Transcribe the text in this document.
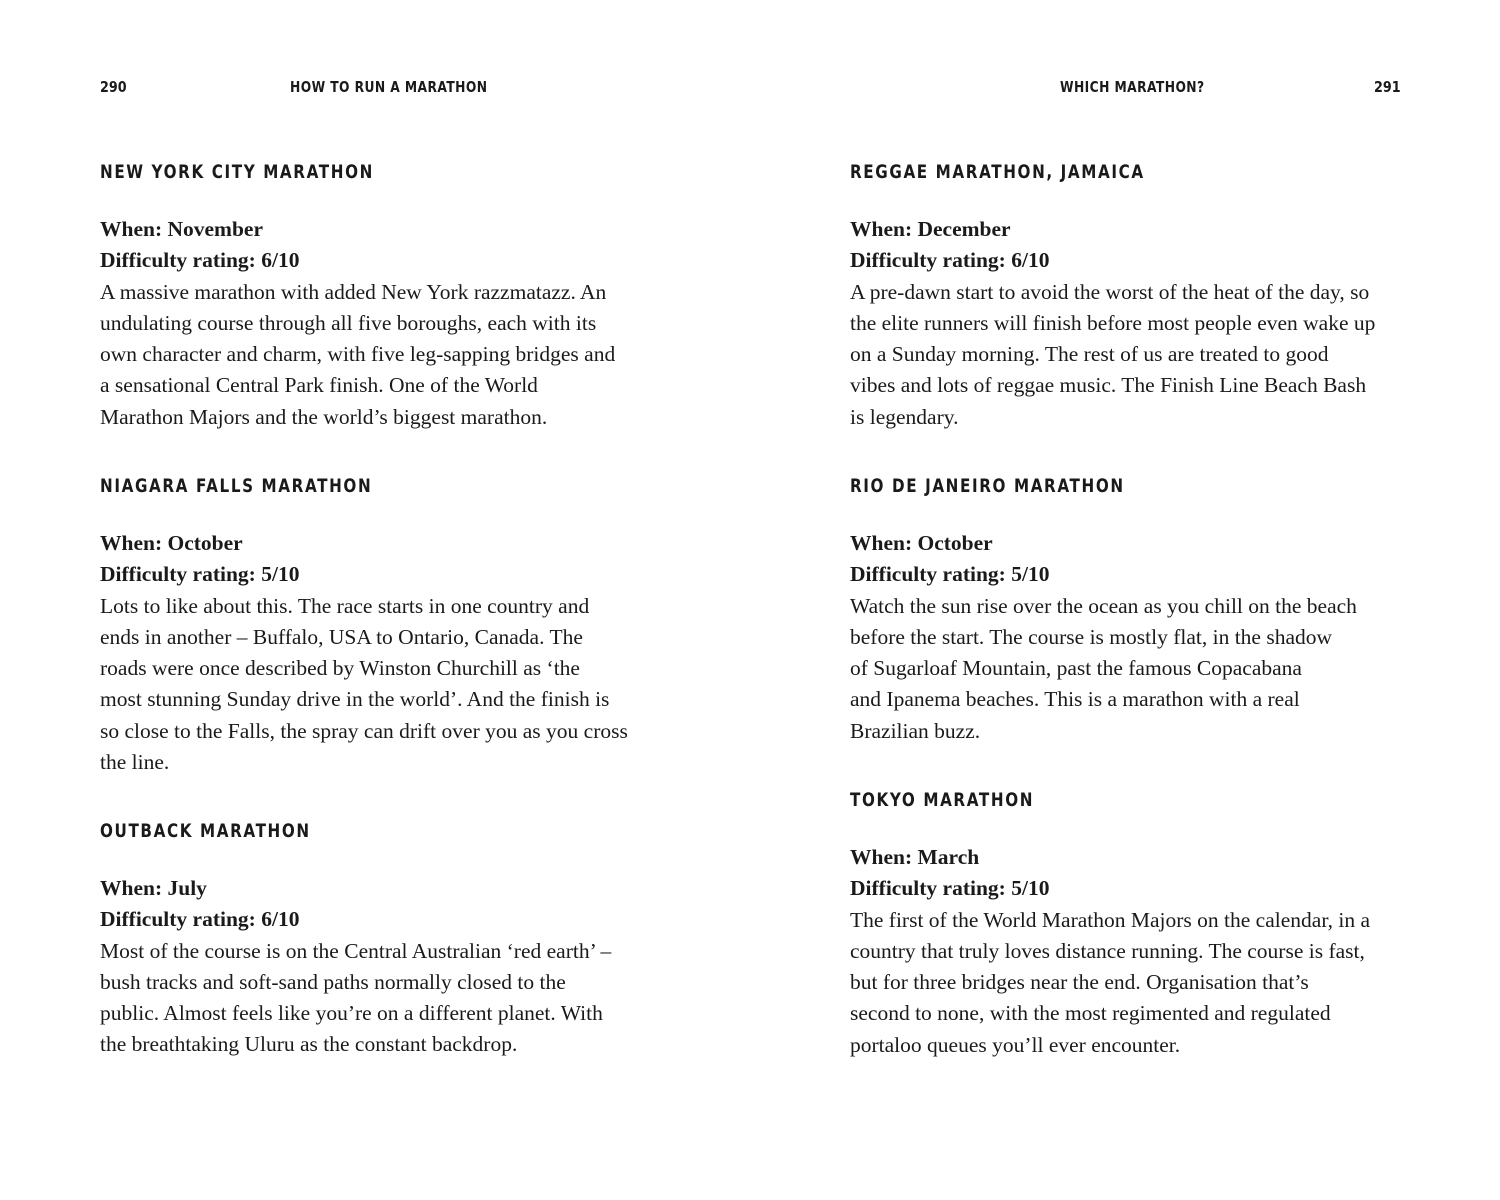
290	HOW TO RUN A MARATHON
NEW YORK CITY MARATHON

When: November

Difficulty rating: 6/10

A massive marathon with added New York razzmatazz. An
undulating course through all five boroughs, each with its
own character and charm, with five leg-sapping bridges and
a sensational Central Park finish. One of the World
Marathon Majors and the world’s biggest marathon.

NIAGARA FALLS MARATHON

When: October

Difficulty rating: 5/10

Lots to like about this. The race starts in one country and
ends in another – Buffalo, USA to Ontario, Canada. The
roads were once described by Winston Churchill as ‘the
most stunning Sunday drive in the world’. And the finish is
so close to the Falls, the spray can drift over you as you cross
the line.

OUTBACK MARATHON

When: July

Difficulty rating: 6/10

Most of the course is on the Central Australian ‘red earth’ –
bush tracks and soft-sand paths normally closed to the
public. Almost feels like you’re on a different planet. With
the breathtaking Uluru as the constant backdrop.

WHICH MARATHON?	291
REGGAE MARATHON, JAMAICA

When: December

Difficulty rating: 6/10

A pre-dawn start to avoid the worst of the heat of the day, so
the elite runners will finish before most people even wake up
on a Sunday morning. The rest of us are treated to good
vibes and lots of reggae music. The Finish Line Beach Bash
is legendary.

RIO DE JANEIRO MARATHON

When: October

Difficulty rating: 5/10

Watch the sun rise over the ocean as you chill on the beach
before the start. The course is mostly flat, in the shadow
of Sugarloaf Mountain, past the famous Copacabana
and Ipanema beaches. This is a marathon with a real
Brazilian buzz.

TOKYO MARATHON

When: March

Difficulty rating: 5/10

The first of the World Marathon Majors on the calendar, in a
country that truly loves distance running. The course is fast,
but for three bridges near the end. Organisation that’s
second to none, with the most regimented and regulated
portaloo queues you’ll ever encounter.
